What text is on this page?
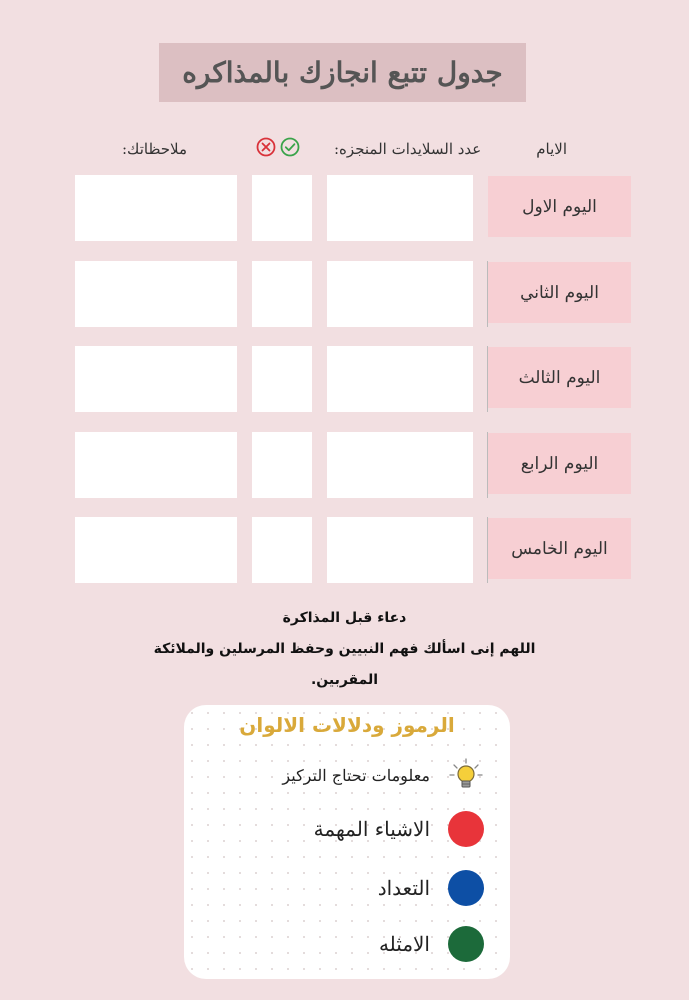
جدول تتبع انجازك بالمذاكره
الايام
عدد السلايدات المنجزه:
ملاحظاتك:
اليوم الاول
اليوم الثاني
اليوم الثالث
اليوم الرابع
اليوم الخامس
دعاء قبل المذاكرة
اللهم إنى اسألك فهم النبيين وحفظ المرسلين والملائكة
المقربين.
الرموز ودلالات الالوان
معلومات تحتاج التركيز
الاشياء المهمة
التعداد
الامثله
